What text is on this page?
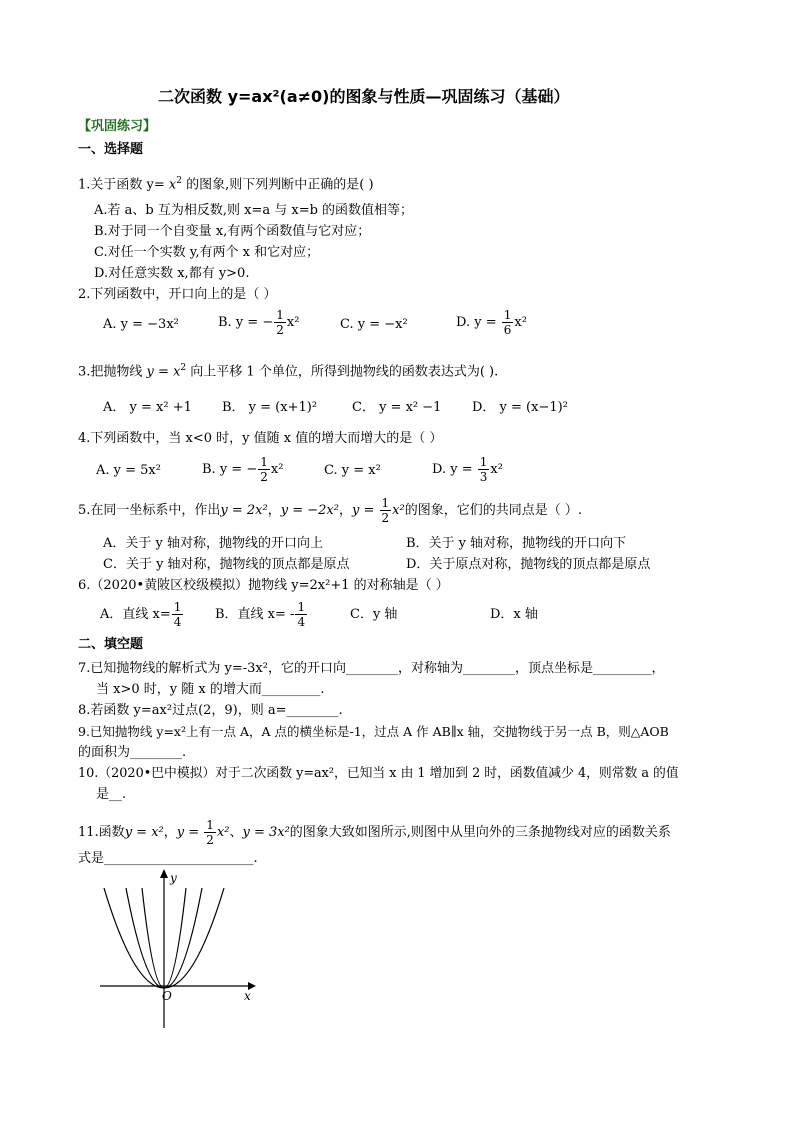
二次函数 y=ax²(a≠0)的图象与性质—巩固练习（基础）
【巩固练习】
一、选择题
1.关于函数 $y= x^2$ 的图象,则下列判断中正确的是( )
A.若 a、b 互为相反数,则 x=a 与 x=b 的函数值相等；
B.对于同一个自变量 x,有两个函数值与它对应；
C.对任一个实数 y,有两个 x 和它对应；
D.对任意实数 x,都有 y>0.
2.下列函数中，开口向上的是（ ）
A. y = −3x²	B. y = − $\frac{1}{2} x^2$	C. y = −x²	D. $y = \frac{1}{6} x^2$
3.把抛物线 $y = x^2$ 向上平移 1 个单位，所得到抛物线的函数表达式为( ).
A． y = x² +1 B． y = (x+1)²	C． y = x² −1 D． y = (x−1)²
4.下列函数中，当 x<0 时，y 值随 x 值的增大而增大的是（ ）
A. y = 5x²	B. y = − $\frac{1}{2} x^2$	C. y = x²	D. $y = \frac{1}{3} x^2$
5.在同一坐标系中，作出y = 2x²，y = −2x²，$y = \frac{1}{2} x^2$的图象，它们的共同点是（ ）.
A．关于 y 轴对称，抛物线的开口向上	B．关于 y 轴对称，抛物线的开口向下
C．关于 y 轴对称，抛物线的顶点都是原点	D．关于原点对称，抛物线的顶点都是原点
6.（2020•黄陂区校级模拟）抛物线 y=2x²+1 的对称轴是（ ）
A．直线 $x= \frac{1}{4}$ B．直线 $x= - \frac{1}{4}$	C．y 轴	D．x 轴
二、填空题
7.已知抛物线的解析式为 y=-3x²，它的开口向________，对称轴为________，顶点坐标是_________，
当 x>0 时，y 随 x 的增大而_________.
8.若函数 y=ax²过点(2，9)，则 a=________.
9.已知抛物线 y=x²上有一点 A，A 点的横坐标是-1，过点 A 作 AB∥x 轴，交抛物线于另一点 B，则△AOB
的面积为________.
10.（2020•巴中模拟）对于二次函数 y=ax²，已知当 x 由 1 增加到 2 时，函数值减少 4，则常数 a 的值
是__.
11.函数y = x²，$y = \frac{1}{2} x^2$、y = 3x²的图象大致如图所示,则图中从里向外的三条抛物线对应的函数关系
式是_______________________.
y
x
O
